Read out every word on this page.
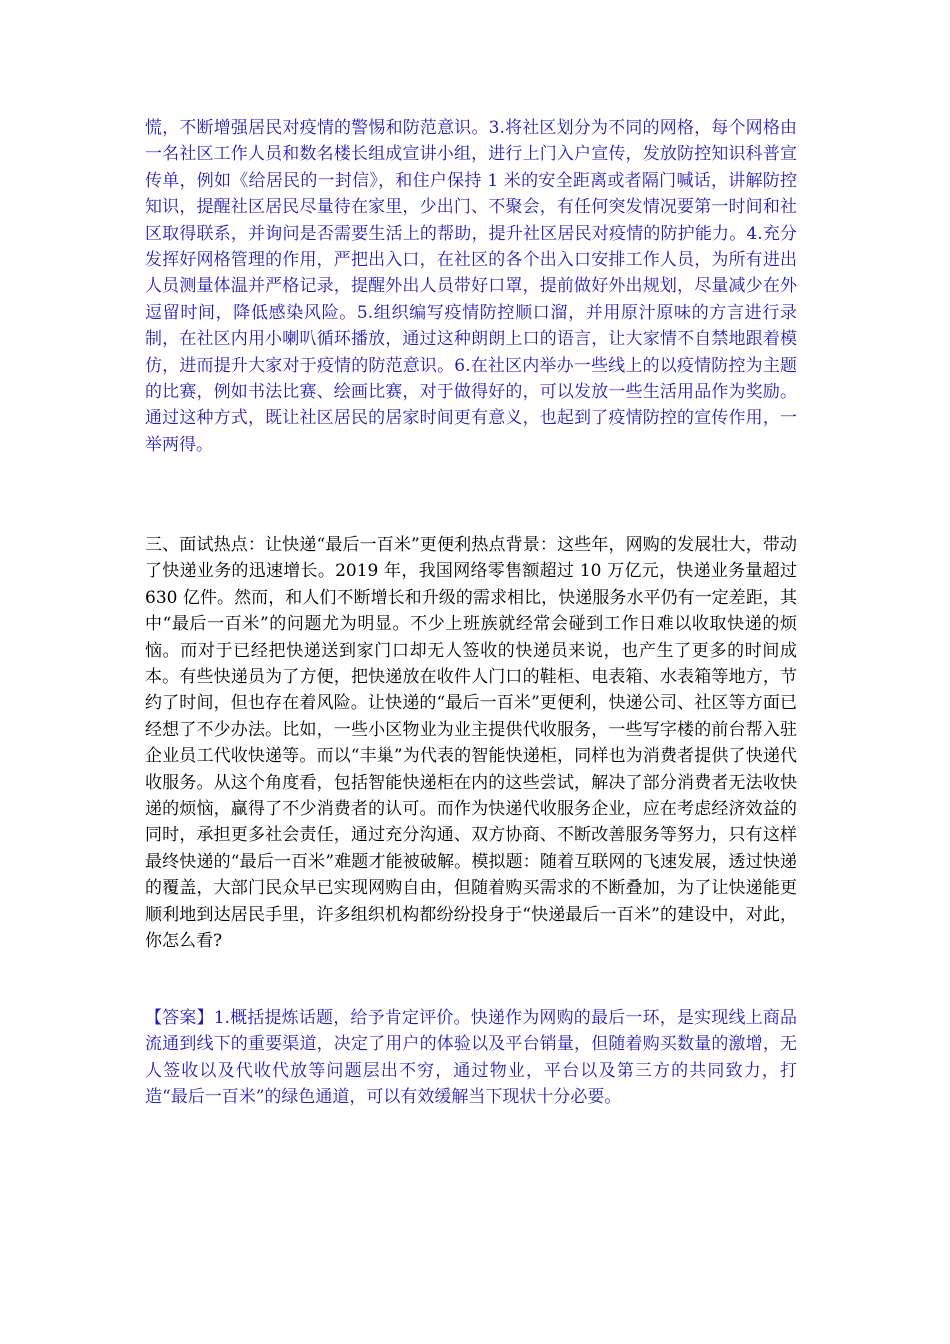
慌，不断增强居民对疫情的警惕和防范意识。3.将社区划分为不同的网格，每个网格由一名社区工作人员和数名楼长组成宣讲小组，进行上门入户宣传，发放防控知识科普宣传单，例如《给居民的一封信》，和住户保持 1 米的安全距离或者隔门喊话，讲解防控知识，提醒社区居民尽量待在家里，少出门、不聚会，有任何突发情况要第一时间和社区取得联系，并询问是否需要生活上的帮助，提升社区居民对疫情的防护能力。4.充分发挥好网格管理的作用，严把出入口，在社区的各个出入口安排工作人员，为所有进出人员测量体温并严格记录，提醒外出人员带好口罩，提前做好外出规划，尽量减少在外逗留时间，降低感染风险。5.组织编写疫情防控顺口溜，并用原汁原味的方言进行录制，在社区内用小喇叭循环播放，通过这种朗朗上口的语言，让大家情不自禁地跟着模仿，进而提升大家对于疫情的防范意识。6.在社区内举办一些线上的以疫情防控为主题的比赛，例如书法比赛、绘画比赛，对于做得好的，可以发放一些生活用品作为奖励。通过这种方式，既让社区居民的居家时间更有意义，也起到了疫情防控的宣传作用，一举两得。

三、面试热点：让快递“最后一百米”更便利热点背景：这些年，网购的发展壮大，带动了快递业务的迅速增长。2019 年，我国网络零售额超过 10 万亿元，快递业务量超过 630 亿件。然而，和人们不断增长和升级的需求相比，快递服务水平仍有一定差距，其中“最后一百米”的问题尤为明显。不少上班族就经常会碰到工作日难以收取快递的烦恼。而对于已经把快递送到家门口却无人签收的快递员来说，也产生了更多的时间成本。有些快递员为了方便，把快递放在收件人门口的鞋柜、电表箱、水表箱等地方，节约了时间，但也存在着风险。让快递的“最后一百米”更便利，快递公司、社区等方面已经想了不少办法。比如，一些小区物业为业主提供代收服务，一些写字楼的前台帮入驻企业员工代收快递等。而以“丰巢”为代表的智能快递柜，同样也为消费者提供了快递代收服务。从这个角度看，包括智能快递柜在内的这些尝试，解决了部分消费者无法收快递的烦恼，赢得了不少消费者的认可。而作为快递代收服务企业，应在考虑经济效益的同时，承担更多社会责任，通过充分沟通、双方协商、不断改善服务等努力，只有这样最终快递的“最后一百米”难题才能被破解。模拟题：随着互联网的飞速发展，透过快递的覆盖，大部门民众早已实现网购自由，但随着购买需求的不断叠加，为了让快递能更顺利地到达居民手里，许多组织机构都纷纷投身于“快递最后一百米”的建设中，对此，你怎么看?

【答案】1.概括提炼话题，给予肯定评价。快递作为网购的最后一环，是实现线上商品流通到线下的重要渠道，决定了用户的体验以及平台销量，但随着购买数量的激增，无人签收以及代收代放等问题层出不穷，通过物业，平台以及第三方的共同致力，打造“最后一百米”的绿色通道，可以有效缓解当下现状十分必要。
